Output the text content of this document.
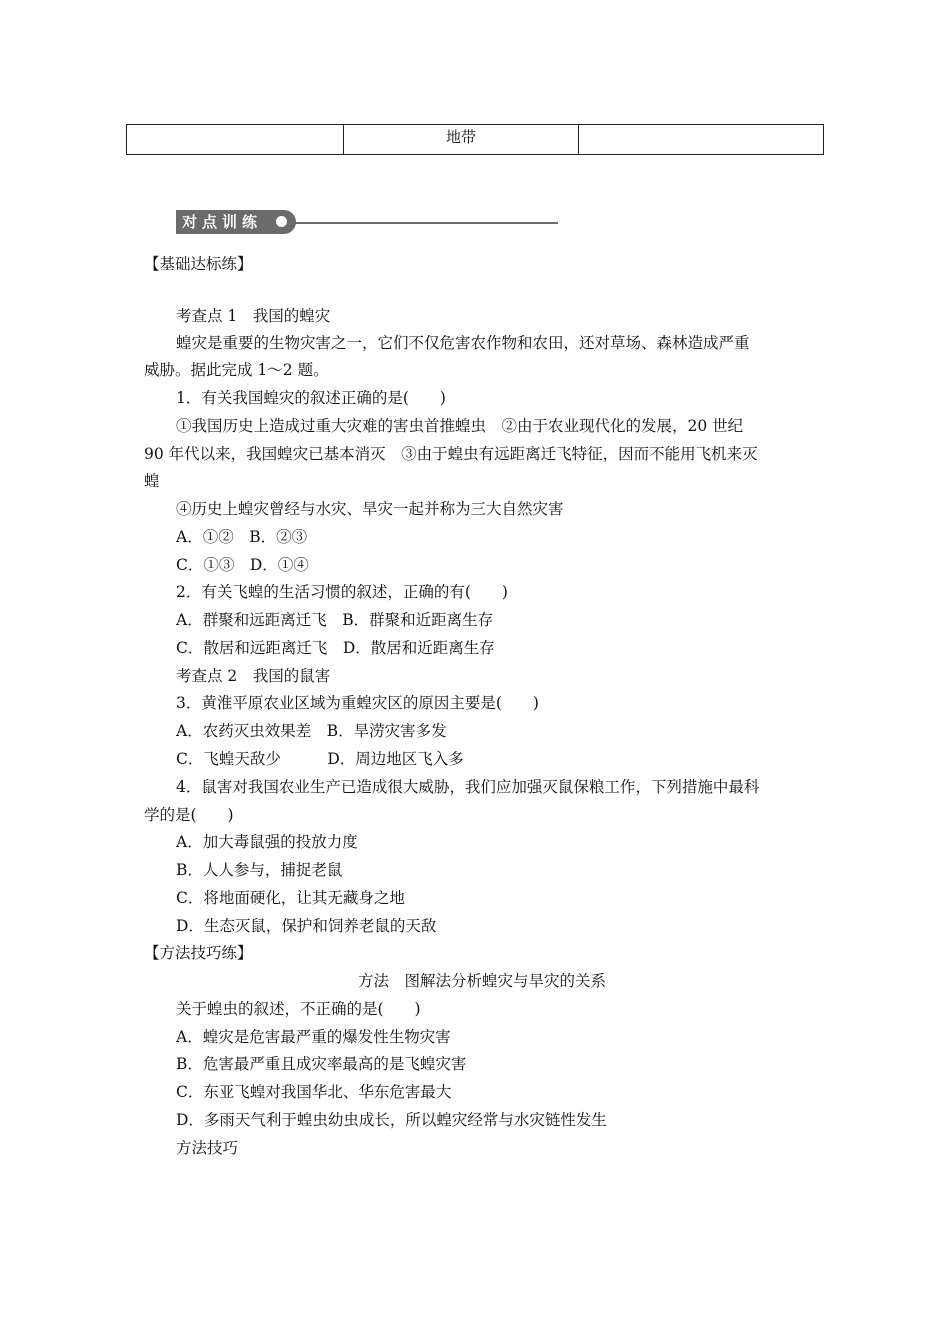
	地带	
对点训练
【基础达标练】
考查点 1　我国的蝗灾
蝗灾是重要的生物灾害之一，它们不仅危害农作物和农田，还对草场、森林造成严重
威胁。据此完成 1～2 题。
1．有关我国蝗灾的叙述正确的是(　　)
①我国历史上造成过重大灾难的害虫首推蝗虫　②由于农业现代化的发展，20 世纪
90 年代以来，我国蝗灾已基本消灭　③由于蝗虫有远距离迁飞特征，因而不能用飞机来灭
蝗
④历史上蝗灾曾经与水灾、旱灾一起并称为三大自然灾害
A．①②　B．②③
C．①③　D．①④
2．有关飞蝗的生活习惯的叙述，正确的有(　　)
A．群聚和远距离迁飞　B．群聚和近距离生存
C．散居和远距离迁飞　D．散居和近距离生存
考查点 2　我国的鼠害
3．黄淮平原农业区域为重蝗灾区的原因主要是(　　)
A．农药灭虫效果差　B．旱涝灾害多发
C．飞蝗天敌少　　　D．周边地区飞入多
4．鼠害对我国农业生产已造成很大威胁，我们应加强灭鼠保粮工作，下列措施中最科
学的是(　　)
A．加大毒鼠强的投放力度
B．人人参与，捕捉老鼠
C．将地面硬化，让其无藏身之地
D．生态灭鼠，保护和饲养老鼠的天敌
【方法技巧练】
方法　图解法分析蝗灾与旱灾的关系
关于蝗虫的叙述，不正确的是(　　)
A．蝗灾是危害最严重的爆发性生物灾害
B．危害最严重且成灾率最高的是飞蝗灾害
C．东亚飞蝗对我国华北、华东危害最大
D．多雨天气利于蝗虫幼虫成长，所以蝗灾经常与水灾链性发生
方法技巧
